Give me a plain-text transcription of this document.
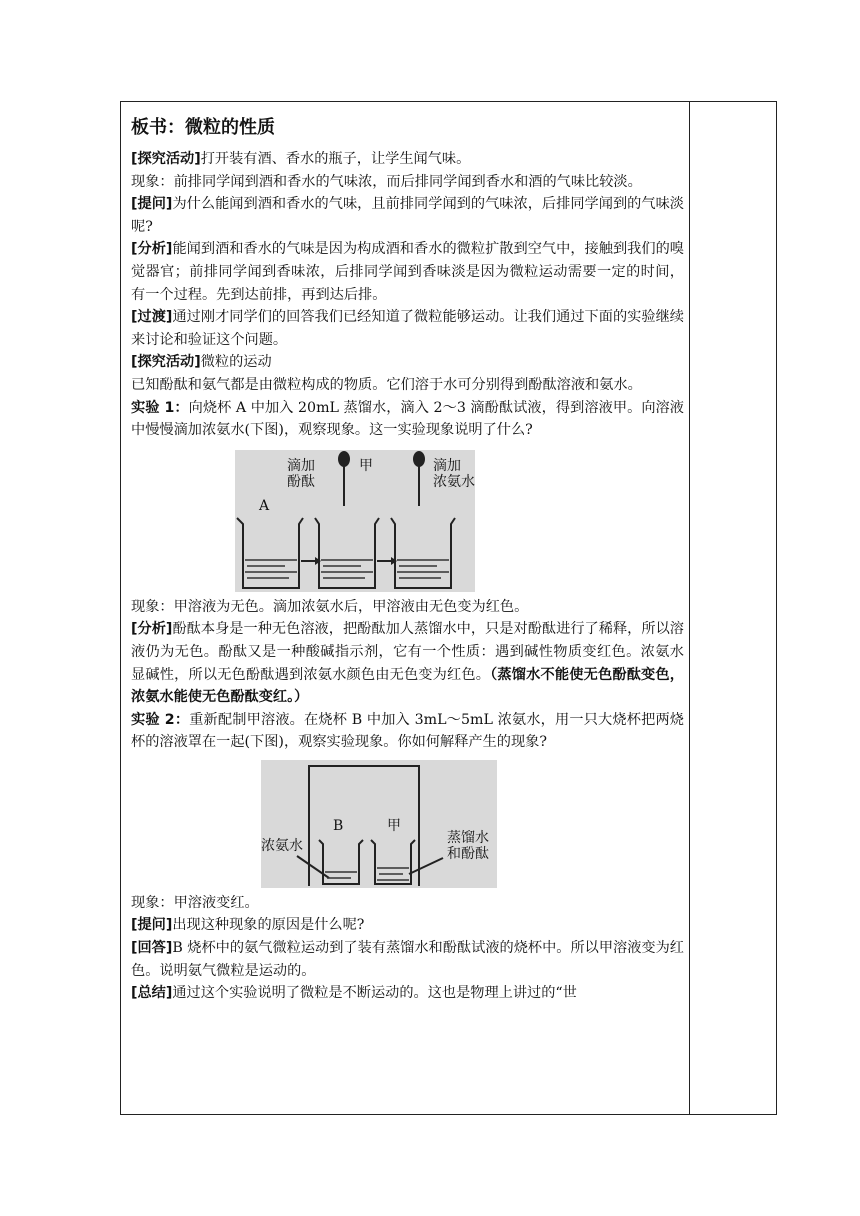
板书：微粒的性质

[探究活动]打开装有酒、香水的瓶子，让学生闻气味。

现象：前排同学闻到酒和香水的气味浓，而后排同学闻到香水和酒的气味比较淡。

[提问]为什么能闻到酒和香水的气味，且前排同学闻到的气味浓，后排同学闻到的气味淡呢?

[分析]能闻到酒和香水的气味是因为构成酒和香水的微粒扩散到空气中，接触到我们的嗅觉器官；前排同学闻到香味浓，后排同学闻到香味淡是因为微粒运动需要一定的时间，有一个过程。先到达前排，再到达后排。

[过渡]通过刚才同学们的回答我们已经知道了微粒能够运动。让我们通过下面的实验继续来讨论和验证这个问题。

[探究活动]微粒的运动

已知酚酞和氨气都是由微粒构成的物质。它们溶于水可分别得到酚酞溶液和氨水。

实验 1：向烧杯 A 中加入 20mL 蒸馏水，滴入 2～3 滴酚酞试液，得到溶液甲。向溶液中慢慢滴加浓氨水(下图)，观察现象。这一实验现象说明了什么?

滴加
酚酞
甲
A
滴加
浓氨水

现象：甲溶液为无色。滴加浓氨水后，甲溶液由无色变为红色。

[分析]酚酞本身是一种无色溶液，把酚酞加人蒸馏水中，只是对酚酞进行了稀释，所以溶液仍为无色。酚酞又是一种酸碱指示剂，它有一个性质：遇到碱性物质变红色。浓氨水显碱性，所以无色酚酞遇到浓氨水颜色由无色变为红色。（蒸馏水不能使无色酚酞变色，浓氨水能使无色酚酞变红。）

实验 2：重新配制甲溶液。在烧杯 B 中加入 3mL～5mL 浓氨水，用一只大烧杯把两烧杯的溶液罩在一起(下图)，观察实验现象。你如何解释产生的现象?

B	甲
浓氨水	蒸馏水
和酚酞

现象：甲溶液变红。

[提问]出现这种现象的原因是什么呢?

[回答]B 烧杯中的氨气微粒运动到了装有蒸馏水和酚酞试液的烧杯中。所以甲溶液变为红色。说明氨气微粒是运动的。

[总结]通过这个实验说明了微粒是不断运动的。这也是物理上讲过的“世
